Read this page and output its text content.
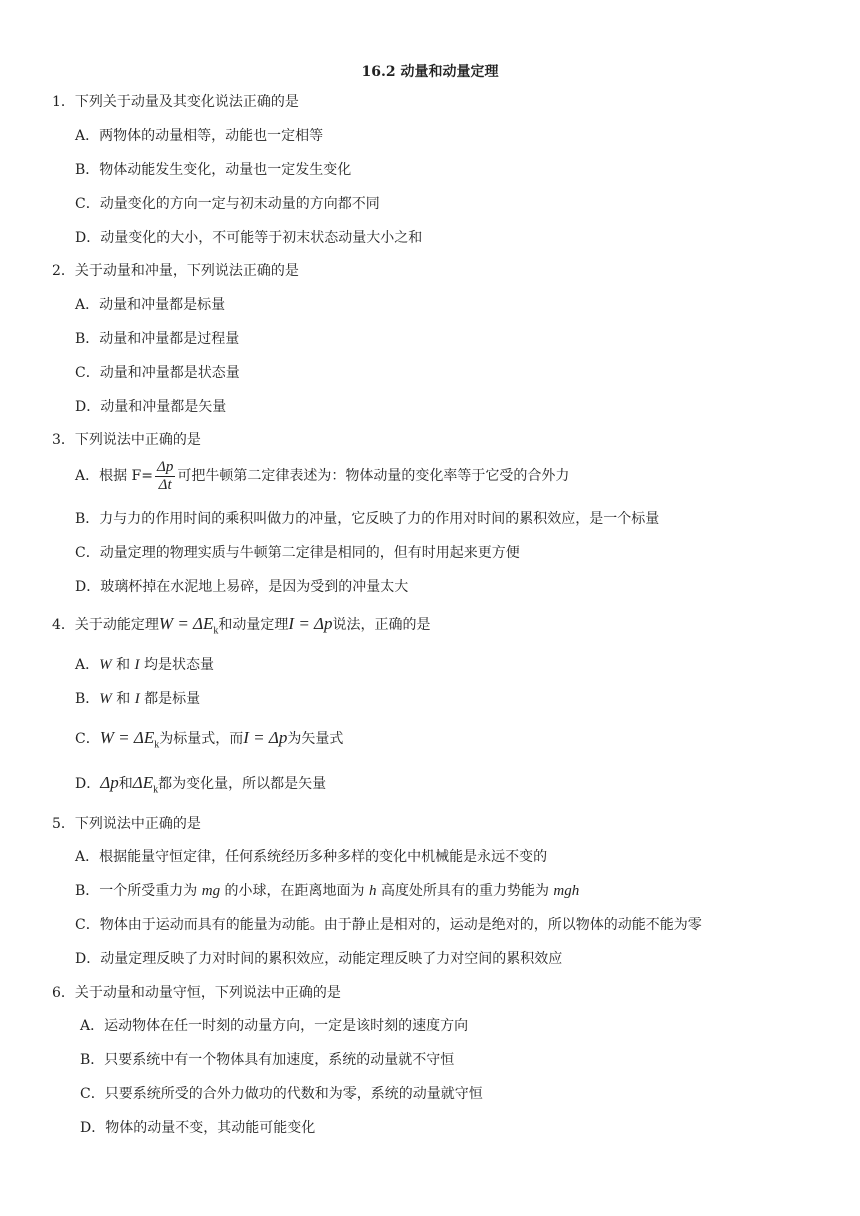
16.2 动量和动量定理
1．下列关于动量及其变化说法正确的是
A．两物体的动量相等，动能也一定相等
B．物体动能发生变化，动量也一定发生变化
C．动量变化的方向一定与初末动量的方向都不同
D．动量变化的大小，不可能等于初末状态动量大小之和
2．关于动量和冲量，下列说法正确的是
A．动量和冲量都是标量
B．动量和冲量都是过程量
C．动量和冲量都是状态量
D．动量和冲量都是矢量
3．下列说法中正确的是
A．根据 $F= \frac{\Delta p}{\Delta t}$ 可把牛顿第二定律表述为：物体动量的变化率等于它受的合外力
B．力与力的作用时间的乘积叫做力的冲量，它反映了力的作用对时间的累积效应，是一个标量
C．动量定理的物理实质与牛顿第二定律是相同的，但有时用起来更方便
D．玻璃杯掉在水泥地上易碎，是因为受到的冲量太大
4．关于动能定理$W = \Delta E_k$和动量定理I = Δp说法，正确的是
A．W 和 I 均是状态量
B．W 和 I 都是标量
C．$W = \Delta E_k$为标量式，而I = Δp为矢量式
D．Δp和$\Delta E_k$都为变化量，所以都是矢量
5．下列说法中正确的是
A．根据能量守恒定律，任何系统经历多种多样的变化中机械能是永远不变的
B．一个所受重力为 mg 的小球，在距离地面为 h 高度处所具有的重力势能为 mgh
C．物体由于运动而具有的能量为动能。由于静止是相对的，运动是绝对的，所以物体的动能不能为零
D．动量定理反映了力对时间的累积效应，动能定理反映了力对空间的累积效应
6．关于动量和动量守恒，下列说法中正确的是
A．运动物体在任一时刻的动量方向，一定是该时刻的速度方向
B．只要系统中有一个物体具有加速度，系统的动量就不守恒
C．只要系统所受的合外力做功的代数和为零，系统的动量就守恒
D．物体的动量不变，其动能可能变化
